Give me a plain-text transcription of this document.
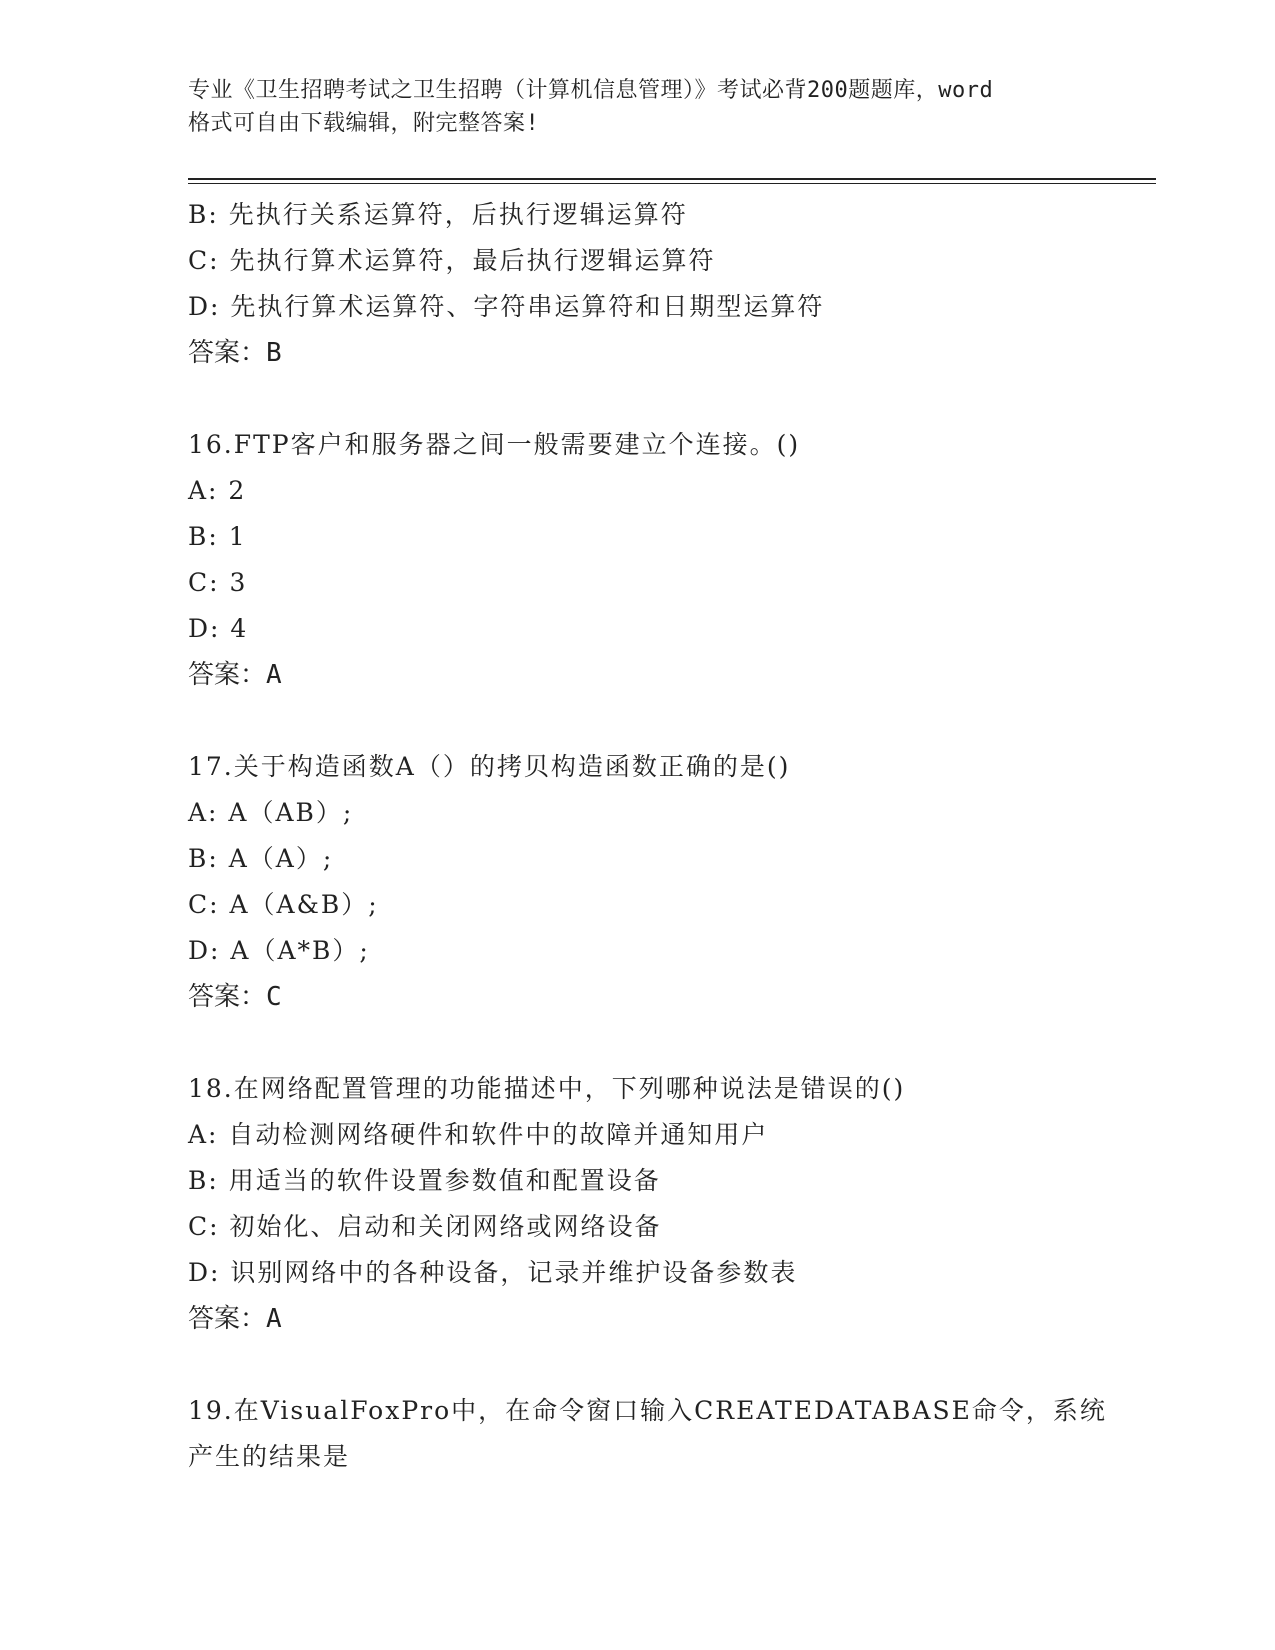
专业《卫生招聘考试之卫生招聘（计算机信息管理）》考试必背200题题库，word
格式可自由下载编辑，附完整答案!
B: 先执行关系运算符，后执行逻辑运算符
C: 先执行算术运算符，最后执行逻辑运算符
D: 先执行算术运算符、字符串运算符和日期型运算符
答案：B
16.FTP客户和服务器之间一般需要建立个连接。()
A: 2
B: 1
C: 3
D: 4
答案：A
17.关于构造函数A（）的拷贝构造函数正确的是()
A: A（AB）;
B: A（A）;
C: A（A&B）;
D: A（A*B）;
答案：C
18.在网络配置管理的功能描述中，下列哪种说法是错误的()
A: 自动检测网络硬件和软件中的故障并通知用户
B: 用适当的软件设置参数值和配置设备
C: 初始化、启动和关闭网络或网络设备
D: 识别网络中的各种设备，记录并维护设备参数表
答案：A
19.在VisualFoxPro中，在命令窗口输入CREATEDATABASE命令，系统
产生的结果是
